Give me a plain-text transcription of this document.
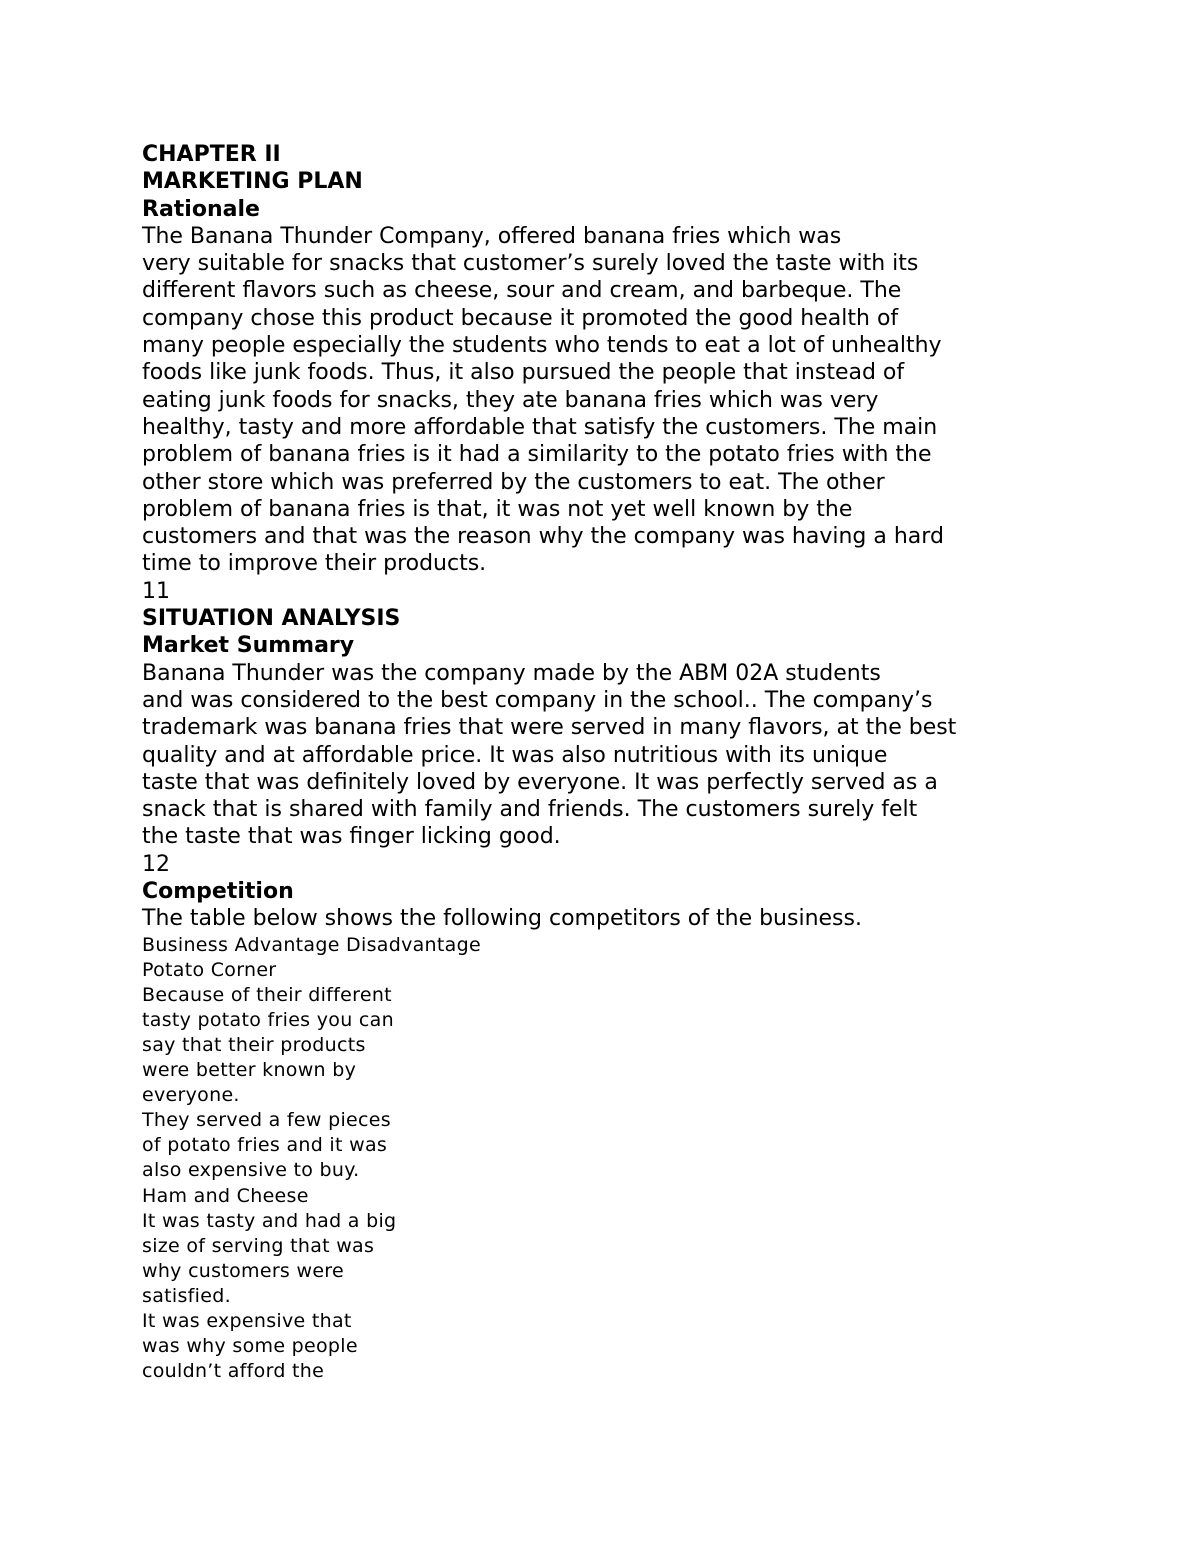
CHAPTER II
MARKETING PLAN
Rationale
The Banana Thunder Company, offered banana fries which was
very suitable for snacks that customer’s surely loved the taste with its
different flavors such as cheese, sour and cream, and barbeque. The
company chose this product because it promoted the good health of
many people especially the students who tends to eat a lot of unhealthy
foods like junk foods. Thus, it also pursued the people that instead of
eating junk foods for snacks, they ate banana fries which was very
healthy, tasty and more affordable that satisfy the customers. The main
problem of banana fries is it had a similarity to the potato fries with the
other store which was preferred by the customers to eat. The other
problem of banana fries is that, it was not yet well known by the
customers and that was the reason why the company was having a hard
time to improve their products.
11
SITUATION ANALYSIS
Market Summary
Banana Thunder was the company made by the ABM 02A students
and was considered to the best company in the school.. The company’s
trademark was banana fries that were served in many flavors, at the best
quality and at affordable price. It was also nutritious with its unique
taste that was definitely loved by everyone. It was perfectly served as a
snack that is shared with family and friends. The customers surely felt
the taste that was finger licking good.
12
Competition
The table below shows the following competitors of the business.
Business Advantage Disadvantage
Potato Corner
Because of their different
tasty potato fries you can
say that their products
were better known by
everyone.
They served a few pieces
of potato fries and it was
also expensive to buy.
Ham and Cheese
It was tasty and had a big
size of serving that was
why customers were
satisfied.
It was expensive that
was why some people
couldn’t afford the
